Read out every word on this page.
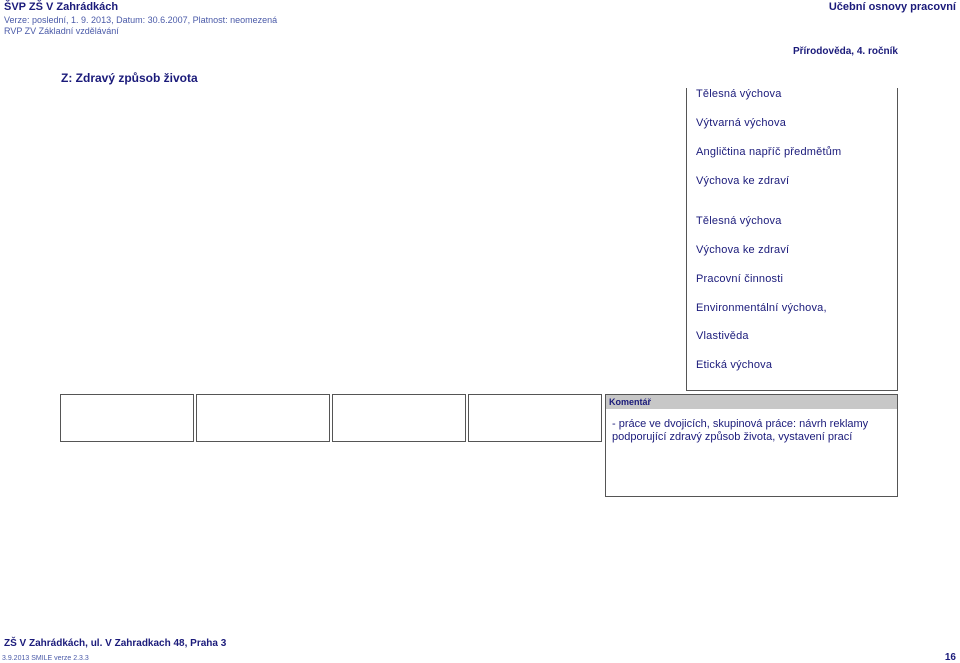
ŠVP ZŠ V Zahrádkách
Verze: poslední, 1. 9. 2013, Datum: 30.6.2007, Platnost: neomezená
RVP ZV Základní vzdělávání
Učební osnovy pracovní
Přírodověda, 4. ročník
Z: Zdravý způsob života
Tělesná výchova
Výtvarná výchova
Angličtina napříč předmětům
Výchova ke zdraví
Tělesná výchova
Výchova ke zdraví
Pracovní činnosti
Environmentální výchova,
Vlastivěda
Etická výchova
Komentář
- práce ve dvojicích, skupinová práce: návrh reklamy podporující zdravý způsob života, vystavení prací
ZŠ V Zahrádkách, ul. V Zahradkach 48, Praha 3
3.9.2013 SMILE verze 2.3.3	16
